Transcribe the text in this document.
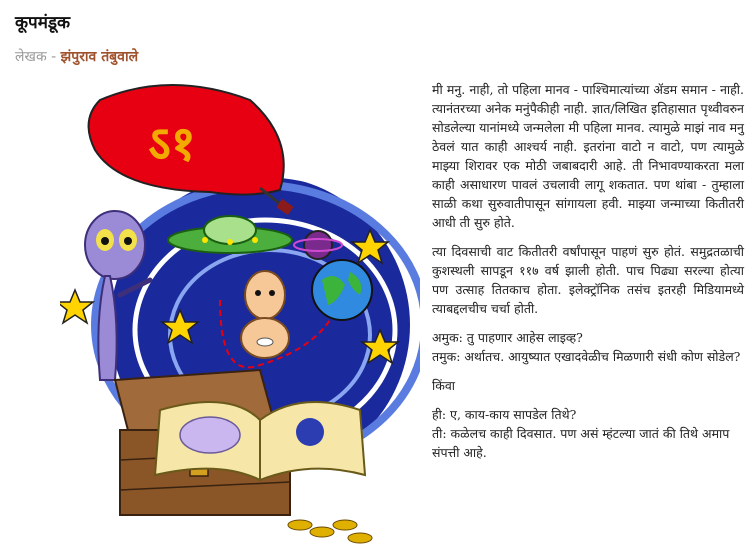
कूपमंडूक
लेखक - झंपुराव तंबुवाले
ऽ१

मी मनु. नाही, तो पहिला मानव - पाश्चिमात्यांच्या ॲडम समान - नाही. त्यानंतरच्या अनेक मनुंपैकीही नाही. ज्ञात/लिखित इतिहासात पृथ्वीवरुन सोडलेल्या यानांमध्ये जन्मलेला मी पहिला मानव. त्यामुळे माझं नाव मनु ठेवलं यात काही आश्चर्य नाही. इतरांना वाटो न वाटो, पण त्यामुळे माझ्या शिरावर एक मोठी जबाबदारी आहे. ती निभावण्याकरता मला काही असाधारण पावलं उचलावी लागू शकतात. पण थांबा - तुम्हाला साळी कथा सुरुवातीपासून सांगायला हवी. माझ्या जन्माच्या कितीतरी आधी ती सुरु होते.

त्या दिवसाची वाट कितीतरी वर्षांपासून पाहणं सुरु होतं. समुद्रतळाची कुशस्थली सापडून ११७ वर्ष झाली होती. पाच पिढ्या सरल्या होत्या पण उत्साह तितकाच होता. इलेक्ट्रॉनिक तसंच इतरही मिडियामध्ये त्याबद्दलचीच चर्चा होती.

अमुक: तु पाहणार आहेस लाइव्ह?

तमुक: अर्थातच. आयुष्यात एखादवेळीच मिळणारी संधी कोण सोडेल?

किंवा

ही: ए, काय-काय सापडेल तिथे?

ती: कळेलच काही दिवसात. पण असं म्हंटल्या जातं की तिथे अमाप संपत्ती आहे.
